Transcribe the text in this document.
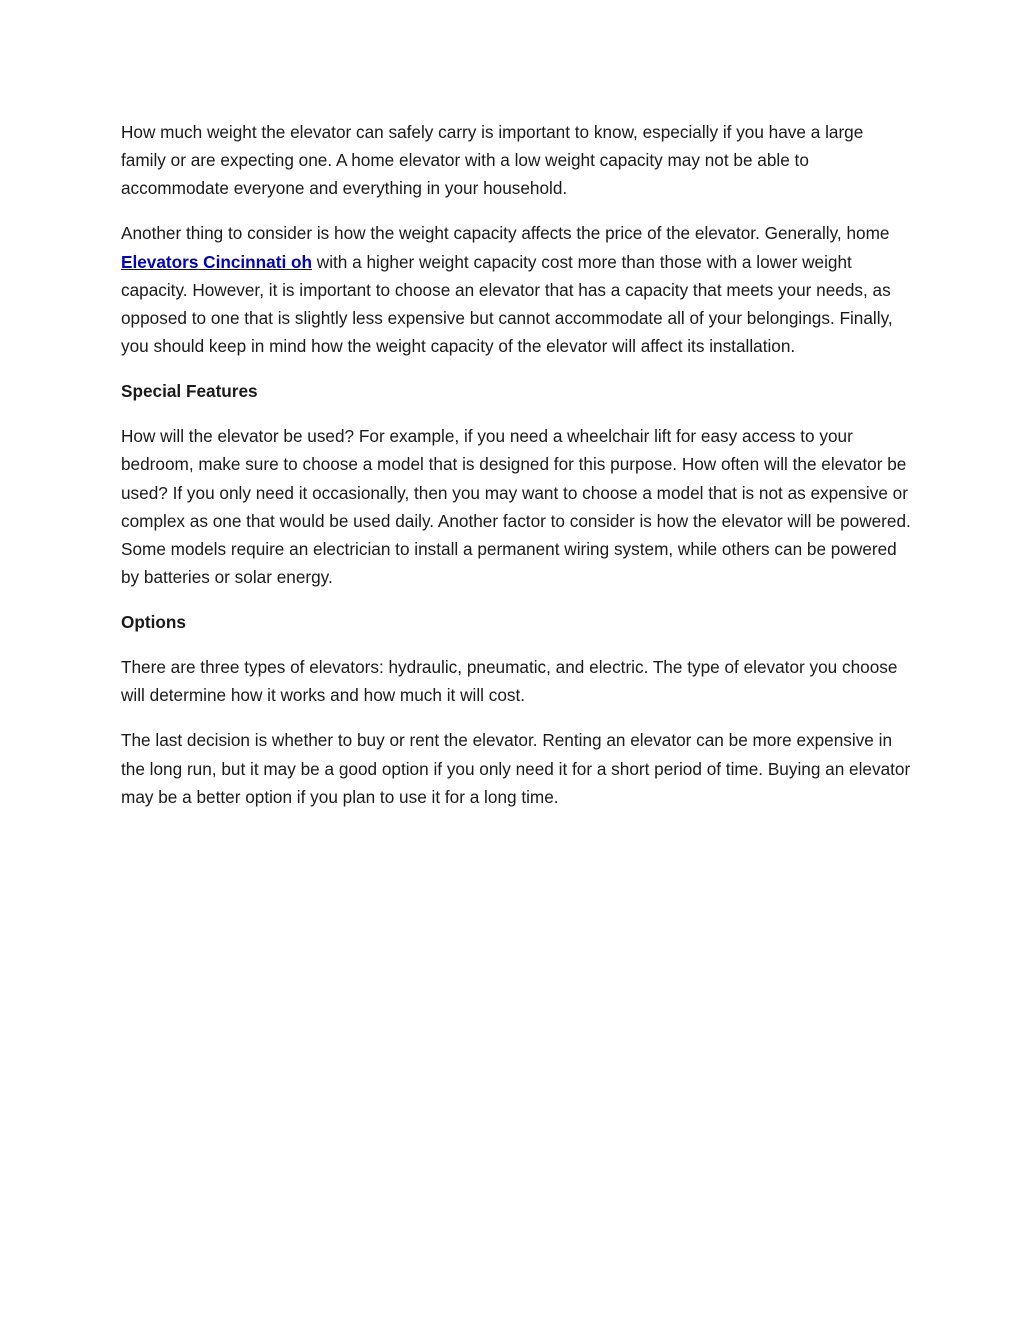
How much weight the elevator can safely carry is important to know, especially if you have a large family or are expecting one. A home elevator with a low weight capacity may not be able to accommodate everyone and everything in your household.

Another thing to consider is how the weight capacity affects the price of the elevator. Generally, home Elevators Cincinnati oh with a higher weight capacity cost more than those with a lower weight capacity. However, it is important to choose an elevator that has a capacity that meets your needs, as opposed to one that is slightly less expensive but cannot accommodate all of your belongings. Finally, you should keep in mind how the weight capacity of the elevator will affect its installation.

Special Features

How will the elevator be used? For example, if you need a wheelchair lift for easy access to your bedroom, make sure to choose a model that is designed for this purpose. How often will the elevator be used? If you only need it occasionally, then you may want to choose a model that is not as expensive or complex as one that would be used daily. Another factor to consider is how the elevator will be powered. Some models require an electrician to install a permanent wiring system, while others can be powered by batteries or solar energy.

Options

There are three types of elevators: hydraulic, pneumatic, and electric. The type of elevator you choose will determine how it works and how much it will cost.

The last decision is whether to buy or rent the elevator. Renting an elevator can be more expensive in the long run, but it may be a good option if you only need it for a short period of time. Buying an elevator may be a better option if you plan to use it for a long time.
